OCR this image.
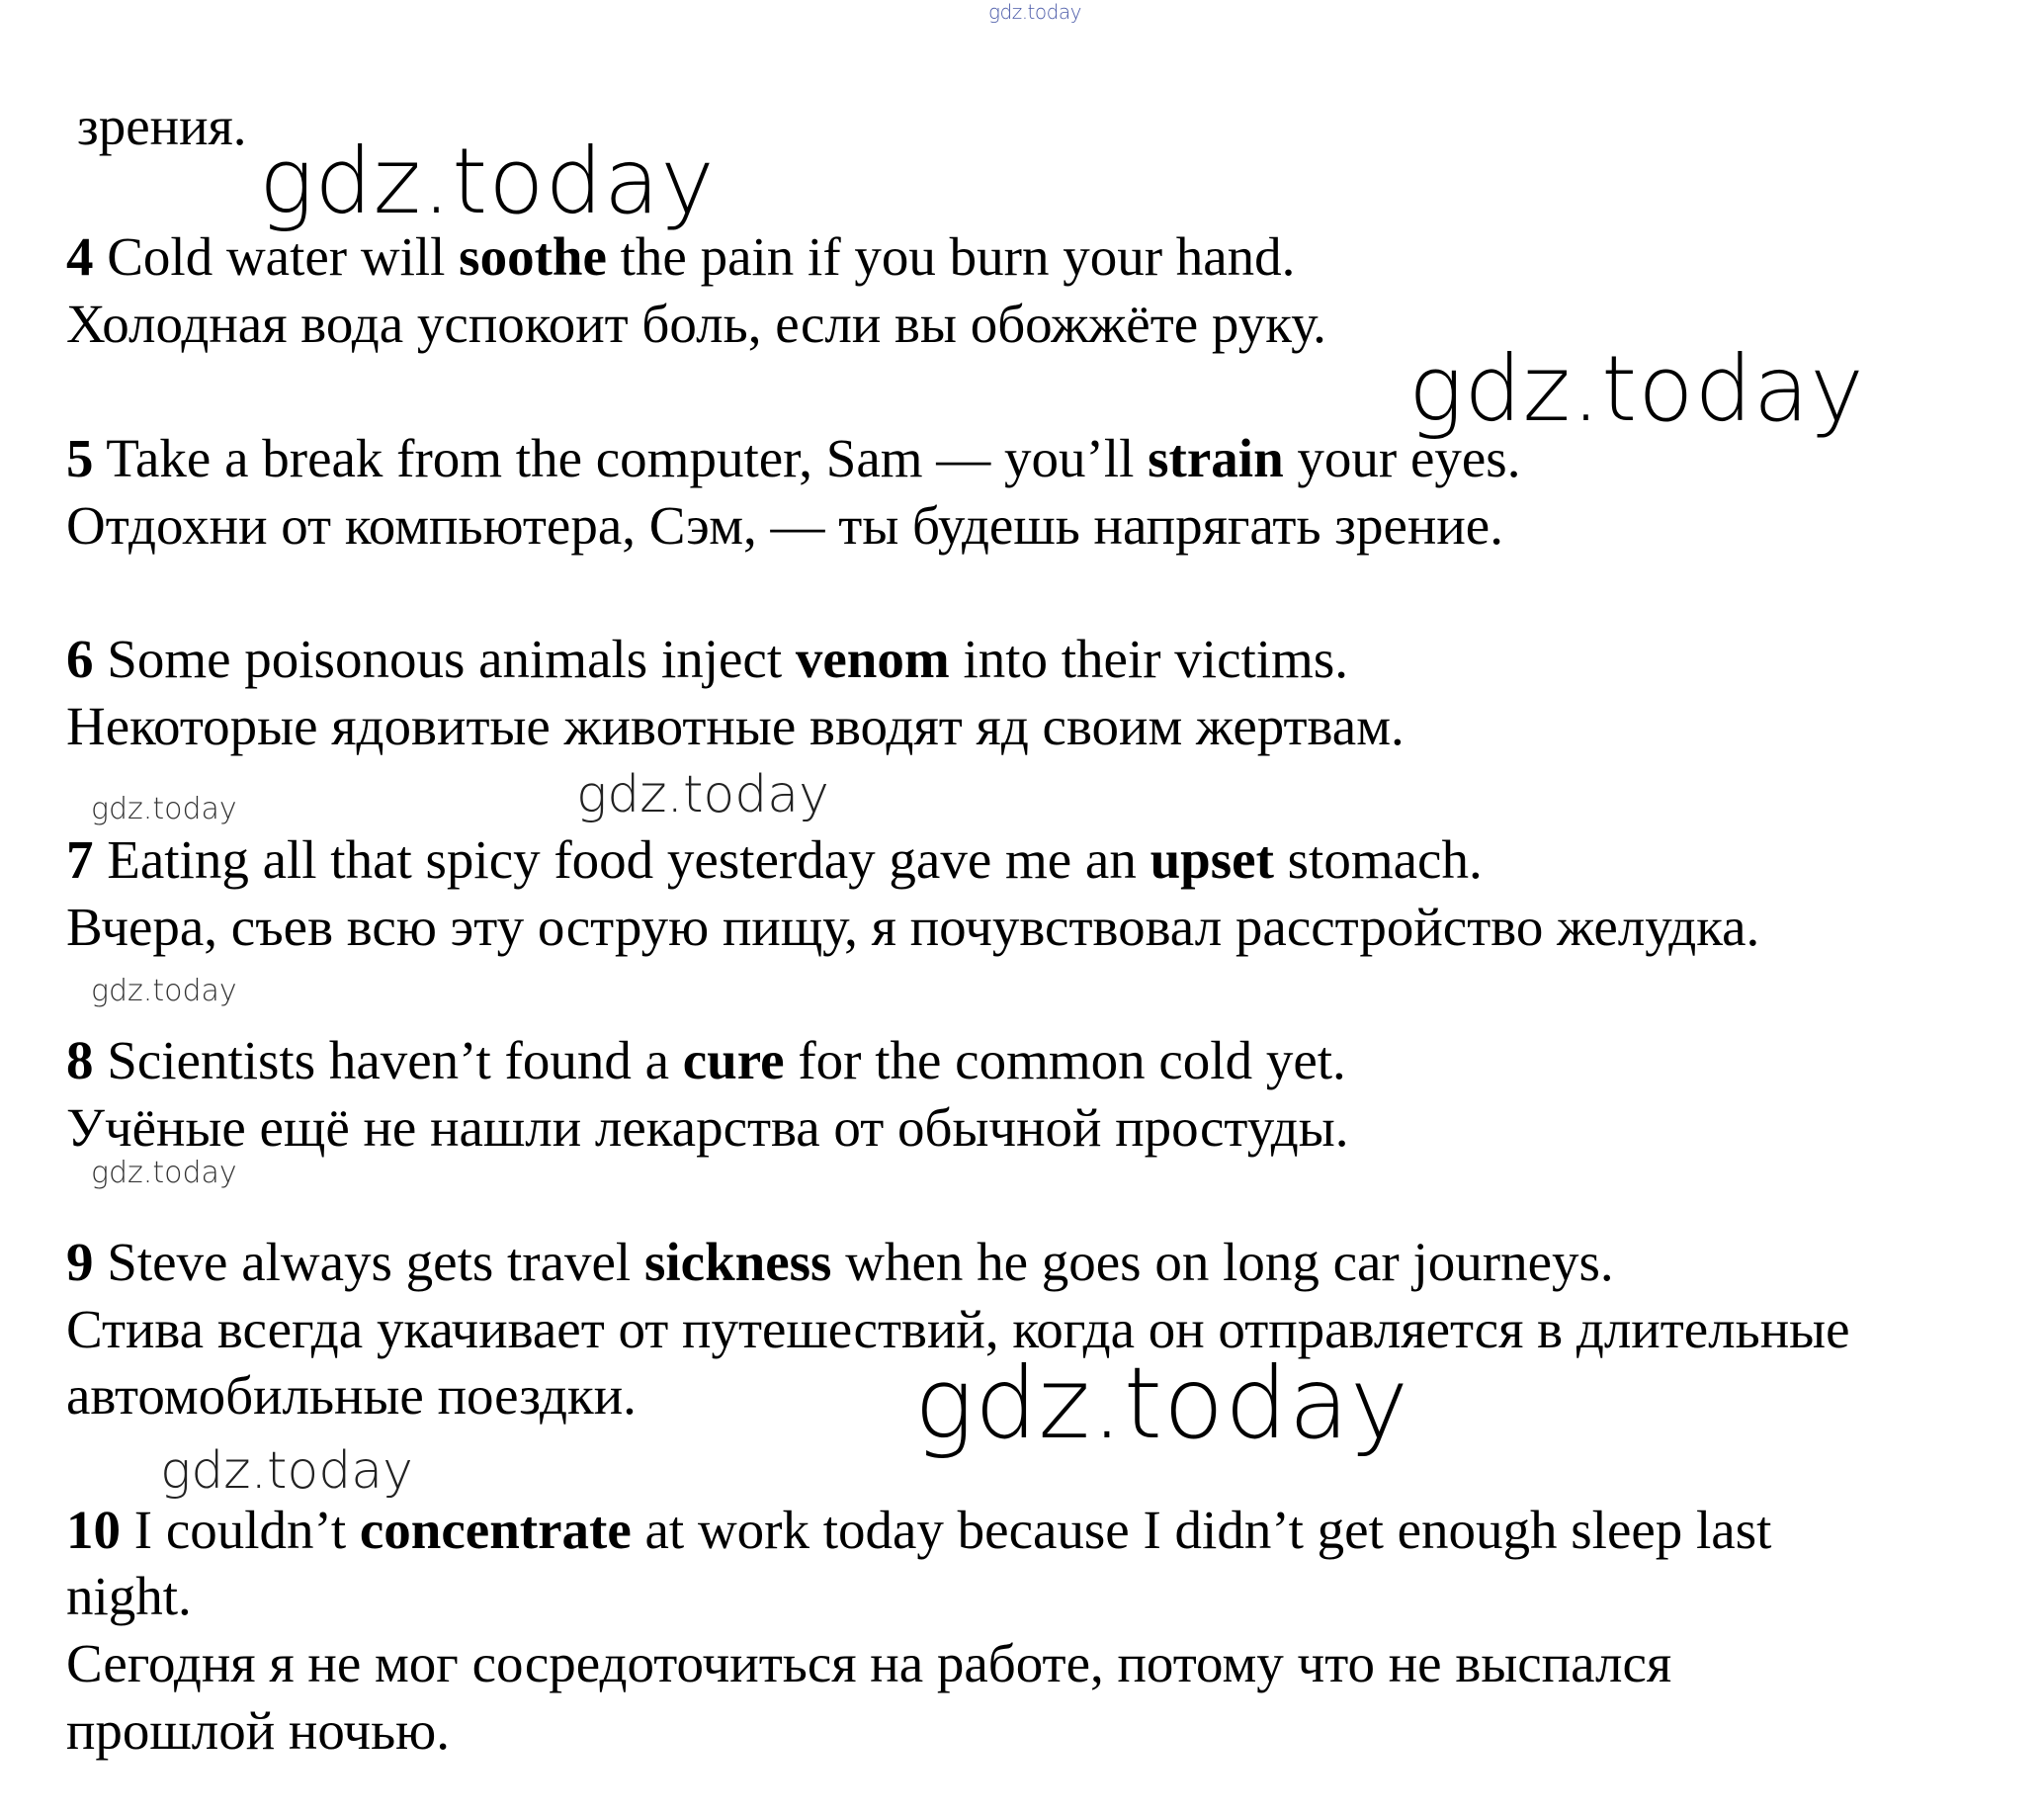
gdz.today
gdz.today
gdz.today
gdz.today
gdz.today
gdz.today
gdz.today
gdz.today
gdz.today
зрения.
4 Cold water will soothe the pain if you burn your hand.
Холодная вода успокоит боль, если вы обожжёте руку.
5 Take a break from the computer, Sam — you’ll strain your eyes.
Отдохни от компьютера, Сэм, — ты будешь напрягать зрение.
6 Some poisonous animals inject venom into their victims.
Некоторые ядовитые животные вводят яд своим жертвам.
7 Eating all that spicy food yesterday gave me an upset stomach.
Вчера, съев всю эту острую пищу, я почувствовал расстройство желудка.
8 Scientists haven’t found a cure for the common cold yet.
Учёные ещё не нашли лекарства от обычной простуды.
9 Steve always gets travel sickness when he goes on long car journeys.
Стива всегда укачивает от путешествий, когда он отправляется в длительные
автомобильные поездки.
10 I couldn’t concentrate at work today because I didn’t get enough sleep last
night.
Сегодня я не мог сосредоточиться на работе, потому что не выспался
прошлой ночью.
